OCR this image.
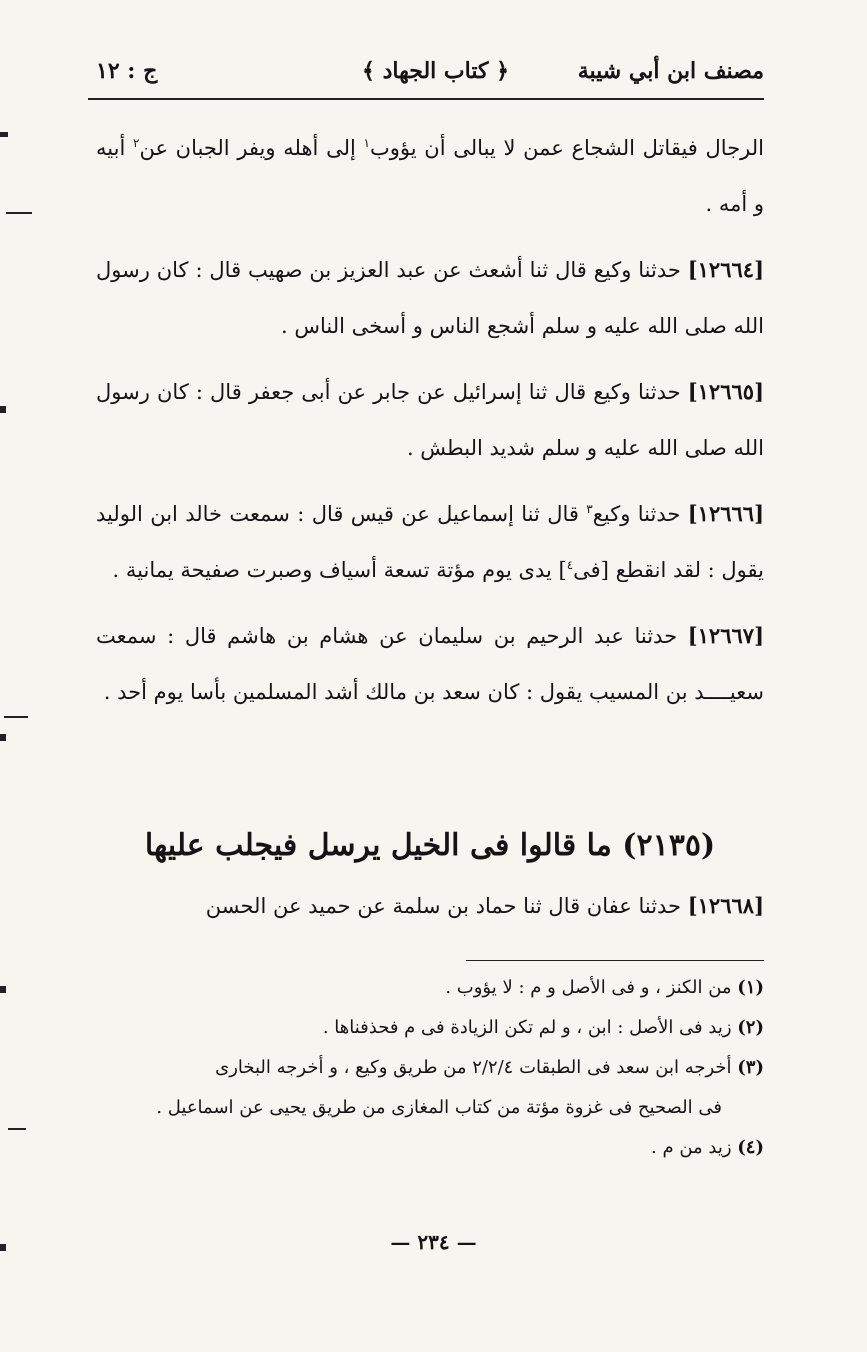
مصنف ابن أبي شيبة
﴿ كتاب الجهاد ﴾
ج : ١٢

الرجال فيقاتل الشجاع عمن لا يبالى أن يؤوب$^١$ إلى أهله ويفر الجبان عن$^٢$ أبيه و أمه .

[١٢٦٦٤] حدثنا وكيع قال ثنا أشعث عن عبد العزيز بن صهيب قال : كان رسول الله صلى الله عليه و سلم أشجع الناس و أسخى الناس .

[١٢٦٦٥] حدثنا وكيع قال ثنا إسرائيل عن جابر عن أبى جعفر قال : كان رسول الله صلى الله عليه و سلم شديد البطش .

[١٢٦٦٦] حدثنا وكيع$^٣$ قال ثنا إسماعيل عن قيس قال : سمعت خالد ابن الوليد يقول : لقد انقطع [فى$^٤$] يدى يوم مؤتة تسعة أسياف وصبرت صفيحة يمانية .

[١٢٦٦٧] حدثنا عبد الرحيم بن سليمان عن هشام بن هاشم قال : سمعت سعيــــد بن المسيب يقول : كان سعد بن مالك أشد المسلمين بأسا يوم أحد .

(٢١٣٥) ما قالوا فى الخيل يرسل فيجلب عليها
[١٢٦٦٨] حدثنا عفان قال ثنا حماد بن سلمة عن حميد عن الحسن

(١) من الكنز ، و فى الأصل و م : لا يؤوب .

(٢) زيد فى الأصل : ابن ، و لم تكن الزيادة فى م فحذفناها .

(٣) أخرجه ابن سعد فى الطبقات ٢/٢/٤ من طريق وكيع ، و أخرجه البخارى

فى الصحيح فى غزوة مؤتة من كتاب المغازى من طريق يحيى عن اسماعيل .

(٤) زيد من م .

— ٢٣٤ —
